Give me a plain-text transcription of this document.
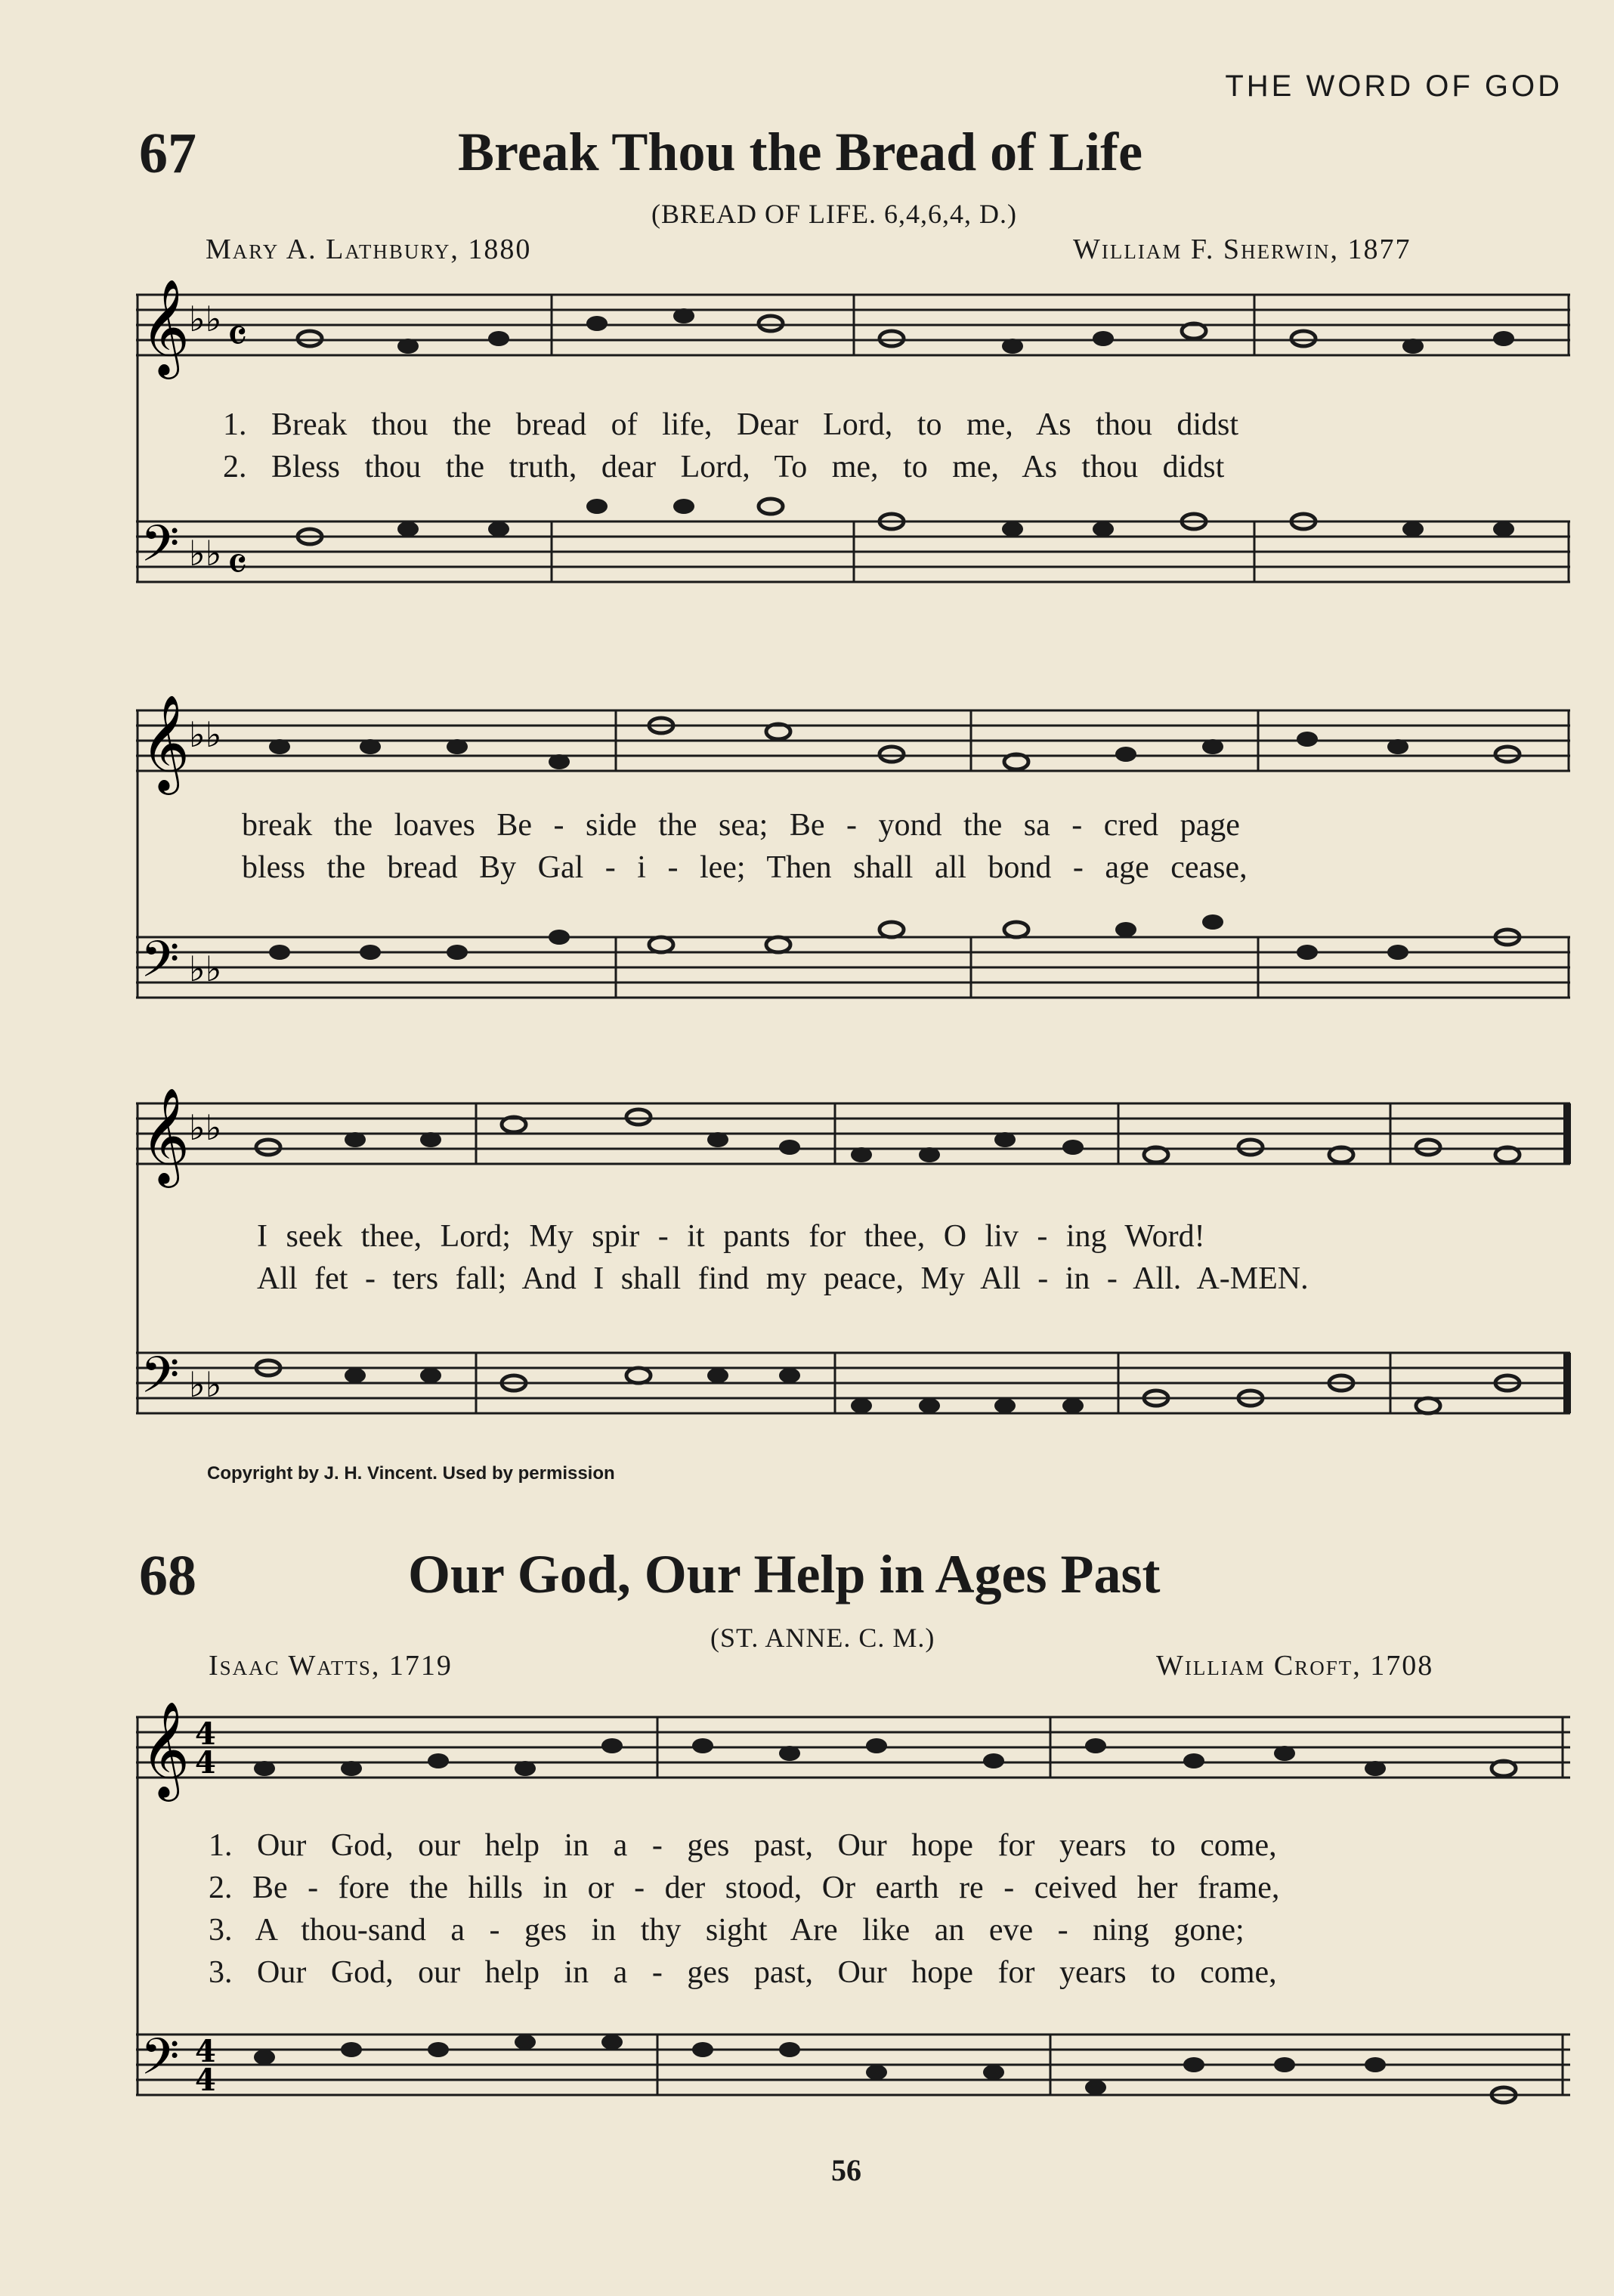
THE WORD OF GOD
67	Break Thou the Bread of Life
(BREAD OF LIFE. 6,4,6,4, D.)
Mary A. Lathbury, 1880	William F. Sherwin, 1877
𝄞
𝄢
♭♭
♭♭
𝄴
𝄴
1. Break thou the bread of life, Dear Lord, to me, As thou didst
2. Bless thou the truth, dear Lord, To me, to me, As thou didst
𝄞
𝄢
♭♭
♭♭
break the loaves Be - side the sea; Be - yond the sa - cred page
bless the bread By Gal - i - lee; Then shall all bond - age cease,
𝄞
𝄢
♭♭
♭♭
I seek thee, Lord; My spir - it pants for thee, O liv - ing Word!
All fet - ters fall; And I shall find my peace, My All - in - All. A-MEN.
Copyright by J. H. Vincent. Used by permission
68	Our God, Our Help in Ages Past
(ST. ANNE. C. M.)
Isaac Watts, 1719	William Croft, 1708
𝄞
𝄢
4
4
4
4
1. Our God, our help in a - ges past, Our hope for years to come,
2. Be - fore the hills in or - der stood, Or earth re - ceived her frame,
3. A thou-sand a - ges in thy sight Are like an eve - ning gone;
3. Our God, our help in a - ges past, Our hope for years to come,
56
